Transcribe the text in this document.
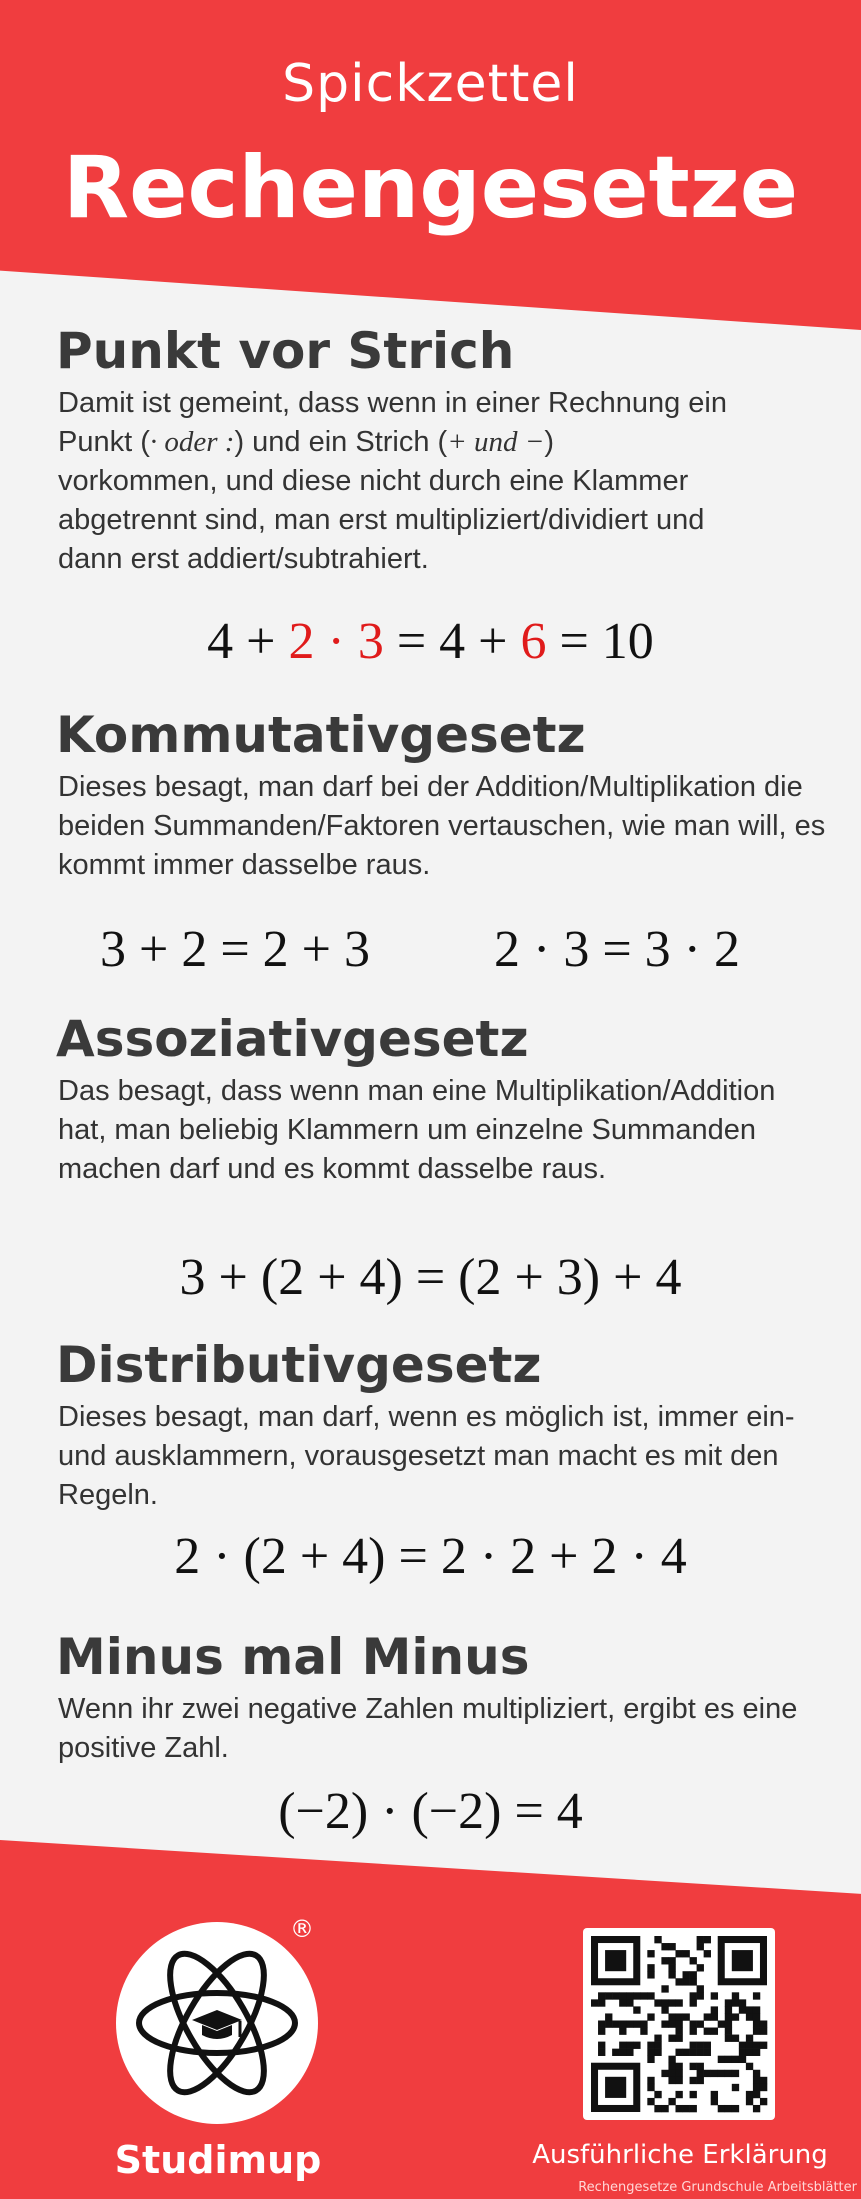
Spickzettel
Rechengesetze
Punkt vor Strich

Damit ist gemeint, dass wenn in einer Rechnung ein
Punkt (· oder :) und ein Strich (+ und −)
vorkommen, und diese nicht durch eine Klammer
abgetrennt sind, man erst multipliziert/dividiert und
dann erst addiert/subtrahiert.

4 + 2 · 3 = 4 + 6 = 10
Kommutativgesetz

Dieses besagt, man darf bei der Addition/Multiplikation die beiden Summanden/Faktoren vertauschen, wie man will, es kommt immer dasselbe raus.

3 + 2 = 2 + 3 2 · 3 = 3 · 2
Assoziativgesetz

Das besagt, dass wenn man eine Multiplikation/Addition hat, man beliebig Klammern um einzelne Summanden machen darf und es kommt dasselbe raus.

3 + (2 + 4) = (2 + 3) + 4
Distributivgesetz

Dieses besagt, man darf, wenn es möglich ist, immer ein- und ausklammern, vorausgesetzt man macht es mit den Regeln.

2 · (2 + 4) = 2 · 2 + 2 · 4
Minus mal Minus

Wenn ihr zwei negative Zahlen multipliziert, ergibt es eine positive Zahl.

(−2) · (−2) = 4
®
Studimup	Ausführliche Erklärung
Rechengesetze Grundschule Arbeitsblätter
